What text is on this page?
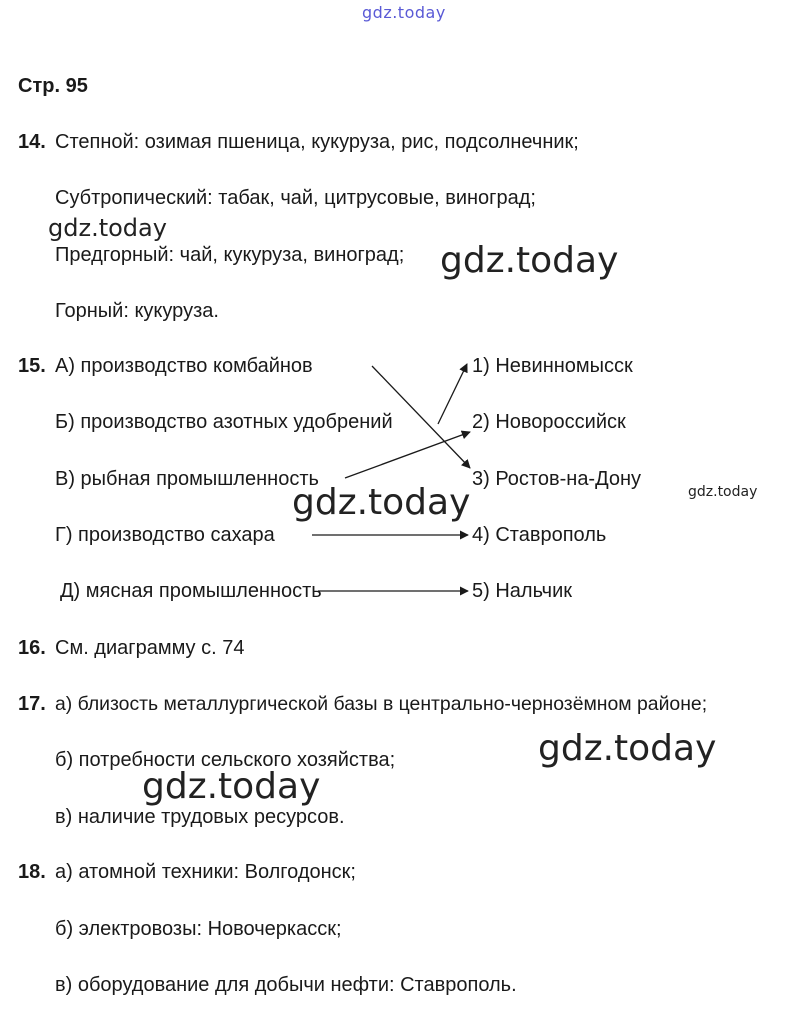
gdz.today
Стр. 95
14. Степной: озимая пшеница, кукуруза, рис, подсолнечник;
Субтропический: табак, чай, цитрусовые, виноград;
gdz.today
Предгорный: чай, кукуруза, виноград; gdz.today
Горный: кукуруза.
15. А) производство комбайнов
Б) производство азотных удобрений
В) рыбная промышленность
Г) производство сахара
Д) мясная промышленность
1) Невинномысск
2) Новороссийск
3) Ростов-на-Дону
4) Ставрополь
5) Нальчик
gdz.today
gdz.today
16. См. диаграмму с. 74
17. а) близость металлургической базы в центрально-чернозёмном районе;
gdz.today
б) потребности сельского хозяйства;
gdz.today
в) наличие трудовых ресурсов.
18. а) атомной техники: Волгодонск;
б) электровозы: Новочеркасск;
в) оборудование для добычи нефти: Ставрополь.
